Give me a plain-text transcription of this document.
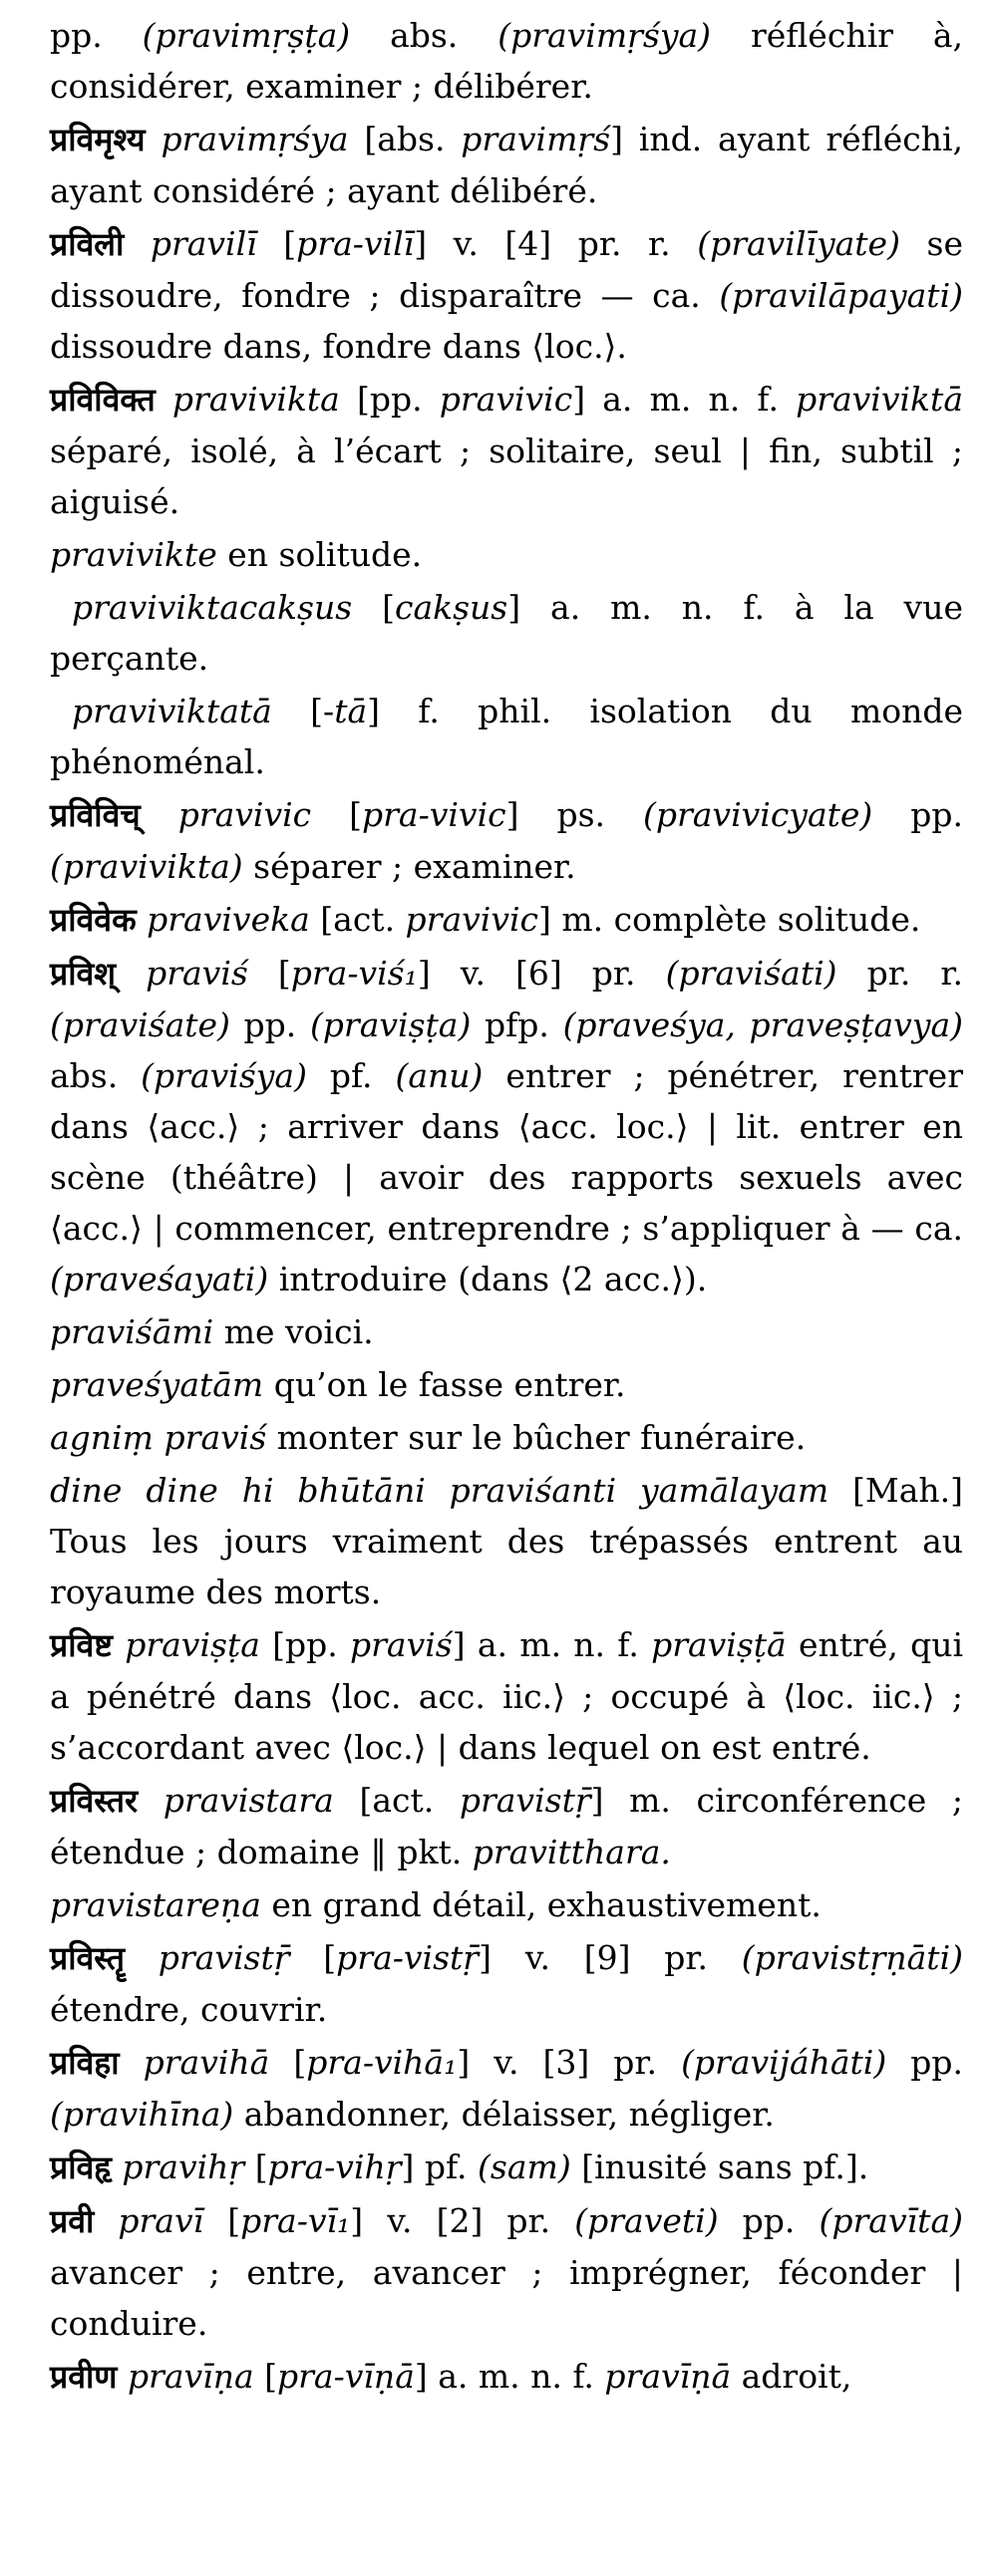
pp. (pravimṛṣṭa) abs. (pravimṛśya) réfléchir à, considérer, examiner ; délibérer.

प्रविमृश्य pravimṛśya [abs. pravimṛś] ind. ayant réfléchi, ayant considéré ; ayant délibéré.

प्रविली pravilī [pra-vilī] v. [4] pr. r. (pravilīyate) se dissoudre, fondre ; disparaître — ca. (pravilāpayati) dissoudre dans, fondre dans ⟨loc.⟩.

प्रविविक्त pravivikta [pp. pravivic] a. m. n. f. praviviktā séparé, isolé, à l’écart ; solitaire, seul | fin, subtil ; aiguisé.

pravivikte en solitude.

praviviktacakṣus [cakṣus] a. m. n. f. à la vue perçante.

praviviktatā [-tā] f. phil. isolation du monde phénoménal.

प्रविविच् pravivic [pra-vivic] ps. (pravivicyate) pp. (pravivikta) séparer ; examiner.

प्रविवेक praviveka [act. pravivic] m. complète solitude.

प्रविश् praviś [pra-viś₁] v. [6] pr. (praviśati) pr. r. (praviśate) pp. (praviṣṭa) pfp. (praveśya, praveṣṭavya) abs. (praviśya) pf. (anu) entrer ; pénétrer, rentrer dans ⟨acc.⟩ ; arriver dans ⟨acc. loc.⟩ | lit. entrer en scène (théâtre) | avoir des rapports sexuels avec ⟨acc.⟩ | commencer, entreprendre ; s’appliquer à — ca. (praveśayati) introduire (dans ⟨2 acc.⟩).

praviśāmi me voici.

praveśyatām qu’on le fasse entrer.

agniṃ praviś monter sur le bûcher funéraire.

dine dine hi bhūtāni praviśanti yamālayam [Mah.] Tous les jours vraiment des trépassés entrent au royaume des morts.

प्रविष्ट praviṣṭa [pp. praviś] a. m. n. f. praviṣṭā entré, qui a pénétré dans ⟨loc. acc. iic.⟩ ; occupé à ⟨loc. iic.⟩ ; s’accordant avec ⟨loc.⟩ | dans lequel on est entré.

प्रविस्तर pravistara [act. pravistṝ] m. circonférence ; étendue ; domaine ‖ pkt. pravitthara.

pravistareṇa en grand détail, exhaustivement.

प्रविस्तॄ pravistṝ [pra-vistṝ] v. [9] pr. (pravistṛṇāti) étendre, couvrir.

प्रविहा pravihā [pra-vihā₁] v. [3] pr. (pravijáhāti) pp. (pravihīna) abandonner, délaisser, négliger.

प्रविहृ pravihṛ [pra-vihṛ] pf. (sam) [inusité sans pf.].

प्रवी pravī [pra-vī₁] v. [2] pr. (praveti) pp. (pravīta) avancer ; entre, avancer ; imprégner, féconder | conduire.

प्रवीण pravīṇa [pra-vīṇā] a. m. n. f. pravīṇā adroit,
